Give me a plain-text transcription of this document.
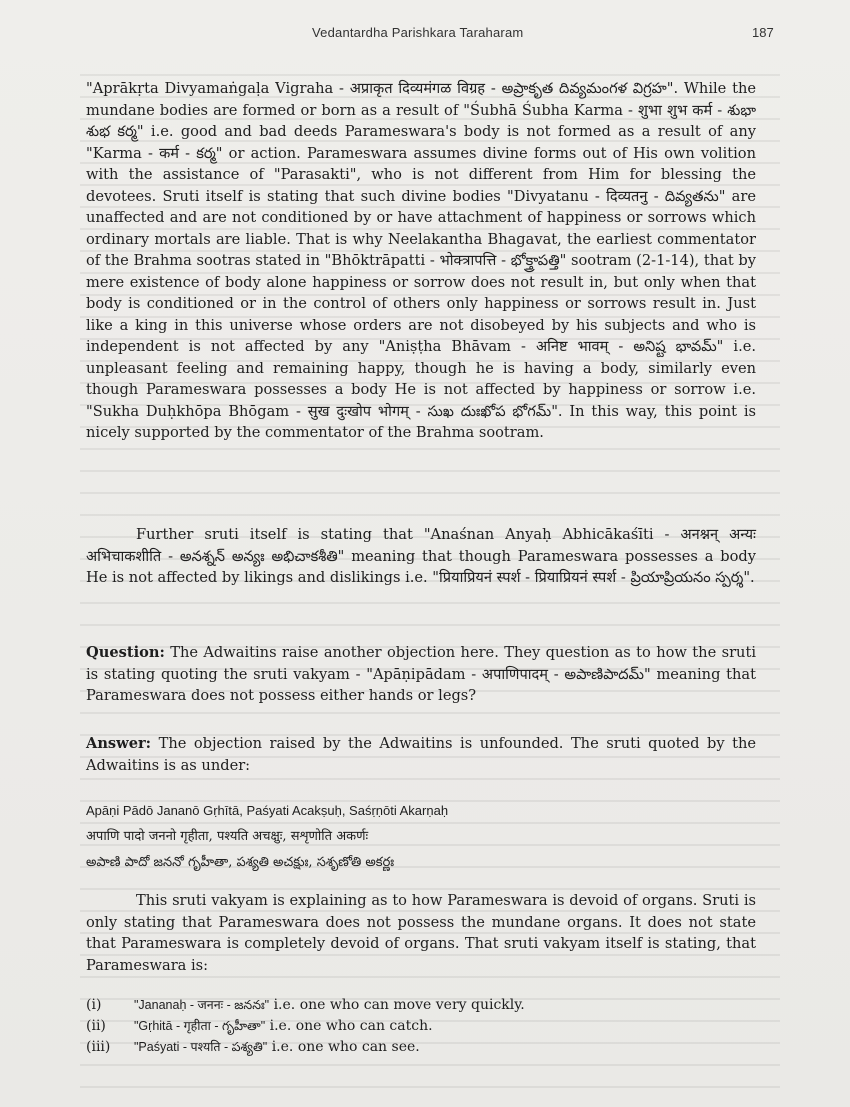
Vedantardha Parishkara Taraharam	187
"Aprākṛta Divyamaṅgaḷa Vigraha - अप्राकृत दिव्यमंगळ विग्रह - అప్రాకృత దివ్యమంగళ విగ్రహ". While the mundane bodies are formed or born as a result of "Śubhā Śubha Karma - शुभा शुभ कर्म - శుభా శుభ కర్మ" i.e. good and bad deeds Parameswara's body is not formed as a result of any "Karma - कर्म - కర్మ" or action. Parameswara assumes divine forms out of His own volition with the assistance of "Parasakti", who is not different from Him for blessing the devotees. Sruti itself is stating that such divine bodies "Divyatanu - दिव्यतनु - దివ్యతను" are unaffected and are not conditioned by or have attachment of happiness or sorrows which ordinary mortals are liable. That is why Neelakantha Bhagavat, the earliest commentator of the Brahma sootras stated in "Bhōktrāpatti - भोक्त्रापत्ति - భోక్త్రాపత్తి" sootram (2-1-14), that by mere existence of body alone happiness or sorrow does not result in, but only when that body is conditioned or in the control of others only happiness or sorrows result in. Just like a king in this universe whose orders are not disobeyed by his subjects and who is independent is not affected by any "Aniṣṭha Bhāvam - अनिष्ट भावम् - అనిష్ట భావమ్" i.e. unpleasant feeling and remaining happy, though he is having a body, similarly even though Parameswara possesses a body He is not affected by happiness or sorrow i.e. "Sukha Duḥkhōpa Bhōgam - सुख दुःखोप भोगम् - సుఖ దుఃఖోప భోగమ్". In this way, this point is nicely supported by the commentator of the Brahma sootram.
Further sruti itself is stating that "Anaśnan Anyaḥ Abhicākaśīti - अनश्नन् अन्यः अभिचाकशीति - అనశ్నన్ అన్యః అభిచాకశీతి" meaning that though Parameswara possesses a body He is not affected by likings and dislikings i.e. "प्रियाप्रियनं स्पर्श - प्रियाप्रियनं स्पर्श - ప్రియాప్రియనం స్పర్శ".
Question: The Adwaitins raise another objection here. They question as to how the sruti is stating quoting the sruti vakyam - "Apāṇipādam - अपाणिपादम् - అపాణిపాదమ్" meaning that Parameswara does not possess either hands or legs?
Answer: The objection raised by the Adwaitins is unfounded. The sruti quoted by the Adwaitins is as under:
Apāṇi Pādō Jananō Gṛhītā, Paśyati Acakṣuḥ, Saśṛṇōti Akarṇaḥ
अपाणि पादो जननो गृहीता, पश्यति अचक्षुः, सशृणोति अकर्णः
అపాణి పాదో జననో గృహీతా, పశ్యతి అచక్షుః, సశృణోతి అకర్ణః
This sruti vakyam is explaining as to how Parameswara is devoid of organs. Sruti is only stating that Parameswara does not possess the mundane organs. It does not state that Parameswara is completely devoid of organs. That sruti vakyam itself is stating, that Parameswara is:
(i)	"Jananaḥ - जननः - జననః" i.e. one who can move very quickly.
(ii) "Gṛhitā - गृहीता - గృహీతా" i.e. one who can catch.
(iii) "Paśyati - पश्यति - పశ్యతి" i.e. one who can see.
